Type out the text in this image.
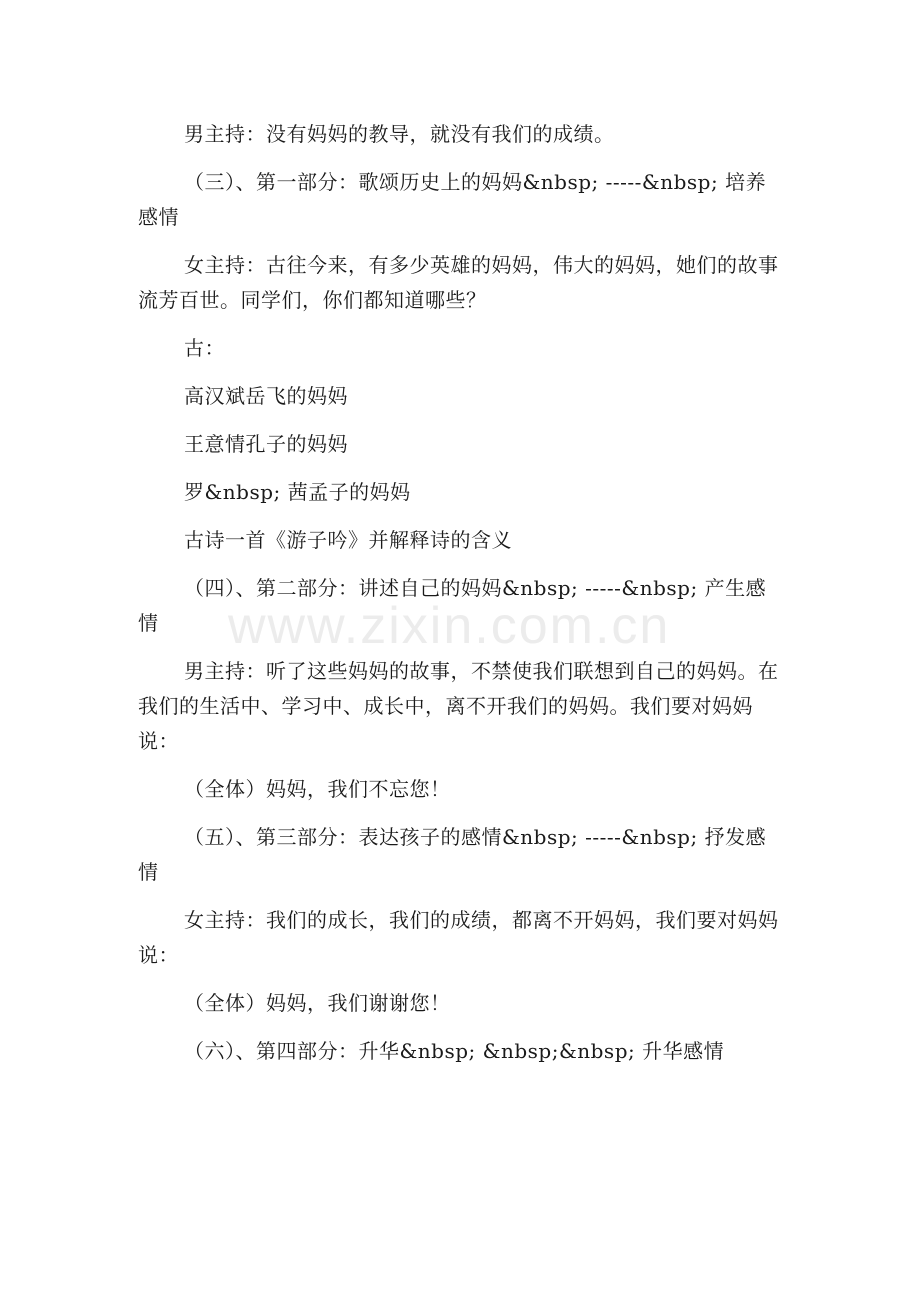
www.zixin.com.cn

男主持：没有妈妈的教导，就没有我们的成绩。

（三）、第一部分：歌颂历史上的妈妈&nbsp; -----&nbsp; 培养感情

女主持：古往今来，有多少英雄的妈妈，伟大的妈妈，她们的故事流芳百世。同学们，你们都知道哪些？

古：

高汉斌岳飞的妈妈

王意情孔子的妈妈

罗&nbsp; 茜孟子的妈妈

古诗一首《游子吟》并解释诗的含义

（四）、第二部分：讲述自己的妈妈&nbsp; -----&nbsp; 产生感情

男主持：听了这些妈妈的故事，不禁使我们联想到自己的妈妈。在我们的生活中、学习中、成长中，离不开我们的妈妈。我们要对妈妈说：

（全体）妈妈，我们不忘您！

（五）、第三部分：表达孩子的感情&nbsp; -----&nbsp; 抒发感情

女主持：我们的成长，我们的成绩，都离不开妈妈，我们要对妈妈说：

（全体）妈妈，我们谢谢您！

（六）、第四部分：升华&nbsp; &nbsp;&nbsp; 升华感情
